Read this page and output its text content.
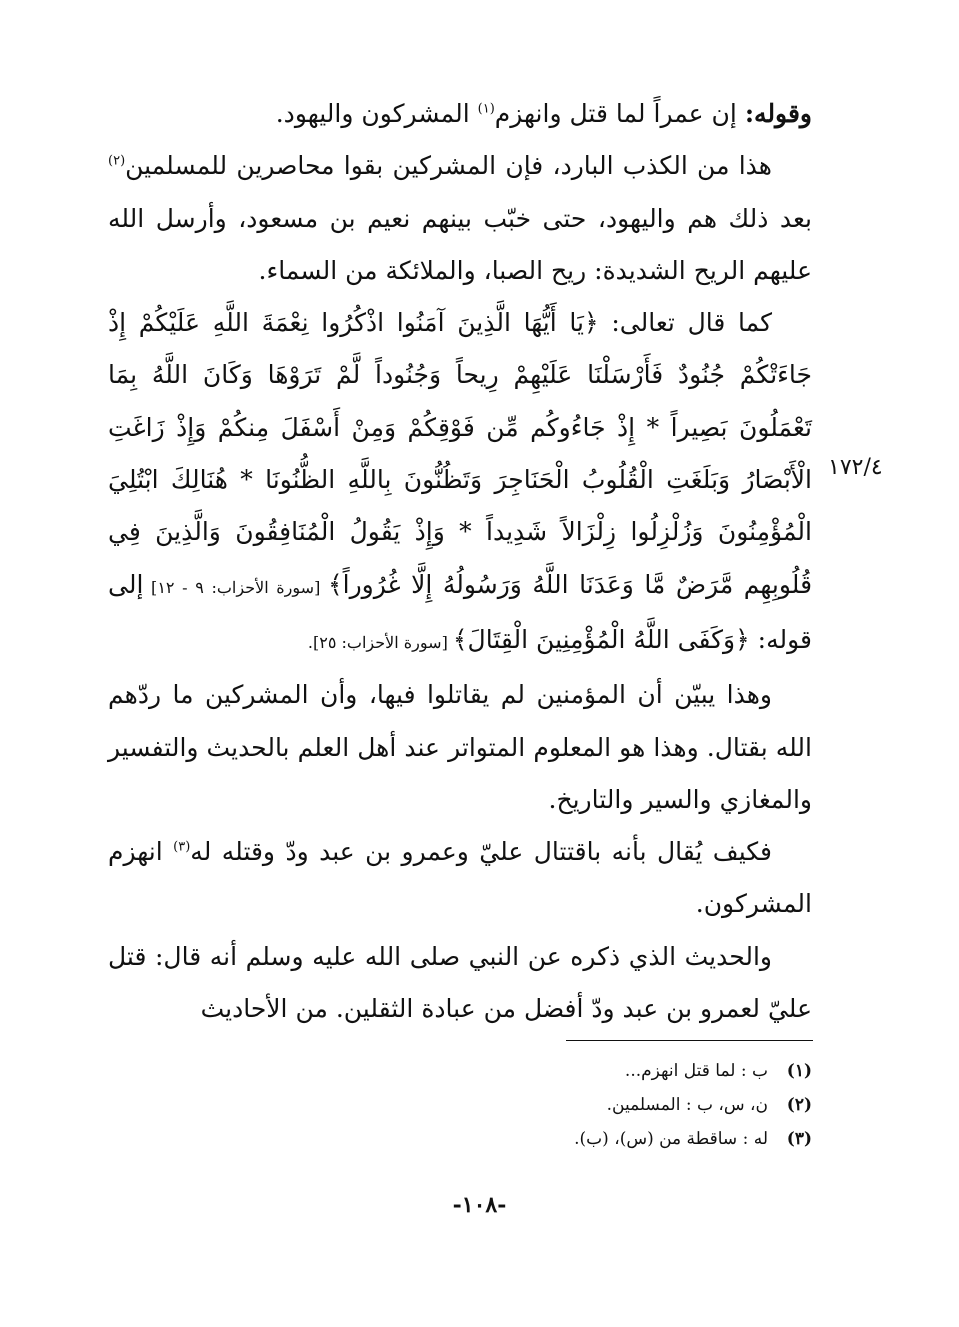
وقوله: إن عمراً لما قتل وانهزم$^{(١)}$ المشركون واليهود.

هذا من الكذب البارد، فإن المشركين بقوا محاصرين للمسلمين$^{(٢)}$ بعد ذلك هم واليهود، حتى خبّب بينهم نعيم بن مسعود، وأرسل الله عليهم الريح الشديدة: ريح الصبا، والملائكة من السماء.

كما قال تعالى: ﴿يَا أَيُّهَا الَّذِينَ آمَنُوا اذْكُرُوا نِعْمَةَ اللَّهِ عَلَيْكُمْ إِذْ جَاءَتْكُمْ جُنُودٌ فَأَرْسَلْنَا عَلَيْهِمْ رِيحاً وَجُنُوداً لَّمْ تَرَوْهَا وَكَانَ اللَّهُ بِمَا تَعْمَلُونَ بَصِيراً * إِذْ جَاءُوكُم مِّن فَوْقِكُمْ وَمِنْ أَسْفَلَ مِنكُمْ وَإِذْ زَاغَتِ الْأَبْصَارُ وَبَلَغَتِ الْقُلُوبُ الْحَنَاجِرَ وَتَظُنُّونَ بِاللَّهِ الظُّنُونَا * هُنَالِكَ ابْتُلِيَ الْمُؤْمِنُونَ وَزُلْزِلُوا زِلْزَالاً شَدِيداً * وَإِذْ يَقُولُ الْمُنَافِقُونَ وَالَّذِينَ فِي قُلُوبِهِم مَّرَضٌ مَّا وَعَدَنَا اللَّهُ وَرَسُولُهُ إِلَّا غُرُوراً﴾ [سورة الأحزاب: ٩ - ١٢] إلى قوله: ﴿وَكَفَى اللَّهُ الْمُؤْمِنِينَ الْقِتَالَ﴾ [سورة الأحزاب: ٢٥].

وهذا يبيّن أن المؤمنين لم يقاتلوا فيها، وأن المشركين ما ردّهم الله بقتال. وهذا هو المعلوم المتواتر عند أهل العلم بالحديث والتفسير والمغازي والسير والتاريخ.

فكيف يُقال بأنه باقتتال عليّ وعمرو بن عبد ودّ وقتله له$^{(٣)}$ انهزم المشركون.

والحديث الذي ذكره عن النبي صلى الله عليه وسلم أنه قال: قتل عليّ لعمرو بن عبد ودّ أفضل من عبادة الثقلين. من الأحاديث

١٧٢/٤
(١)ب : لما قتل انهزم...
(٢)ن، س، ب : المسلمين.
(٣)له : ساقطة من (س)، (ب).
-١٠٨-
